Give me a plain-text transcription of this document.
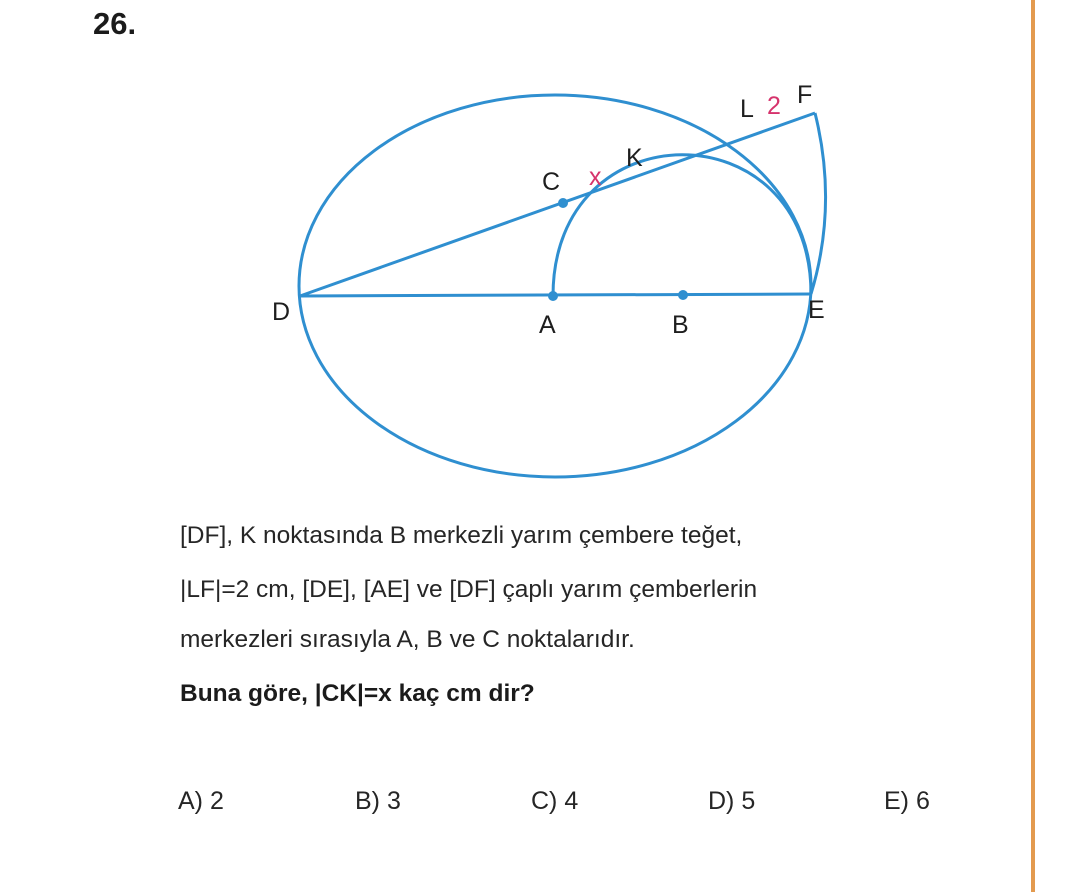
26.
D	E
A	B
C
K
L F
x
2
[DF], K noktasında B merkezli yarım çembere teğet,
|LF|=2 cm, [DE], [AE] ve [DF] çaplı yarım çemberlerin
merkezleri sırasıyla A, B ve C noktalarıdır.
Buna göre, |CK|=x kaç cm dir?
A) 2	B) 3	C) 4	D) 5	E) 6
